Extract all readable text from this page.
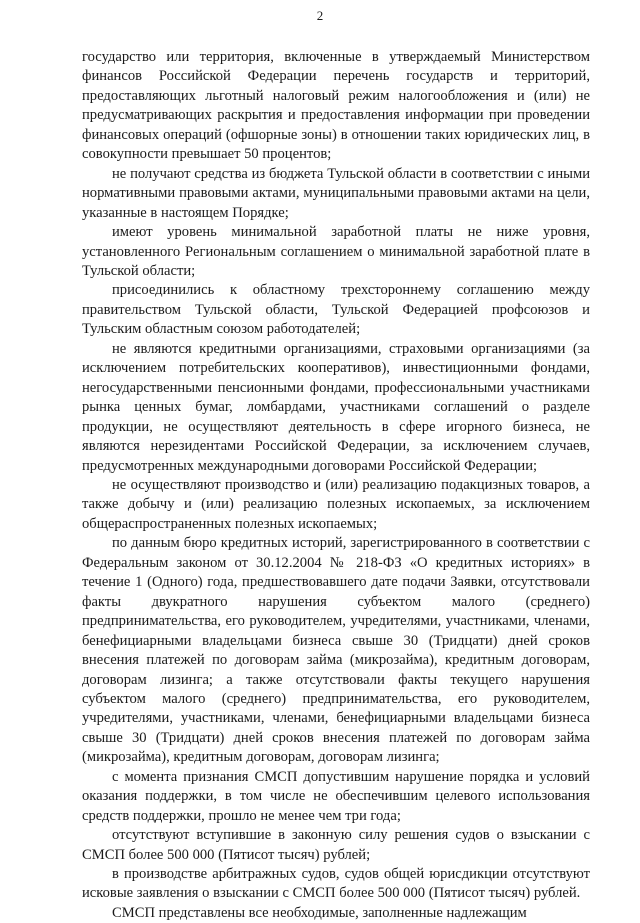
2

государство или территория, включенные в утверждаемый Министерством финансов Российской Федерации перечень государств и территорий, предоставляющих льготный налоговый режим налогообложения и (или) не предусматривающих раскрытия и предоставления информации при проведении финансовых операций (офшорные зоны) в отношении таких юридических лиц, в совокупности превышает 50 процентов;

не получают средства из бюджета Тульской области в соответствии с иными нормативными правовыми актами, муниципальными правовыми актами на цели, указанные в настоящем Порядке;

имеют уровень минимальной заработной платы не ниже уровня, установленного Региональным соглашением о минимальной заработной плате в Тульской области;

присоединились к областному трехстороннему соглашению между правительством Тульской области, Тульской Федерацией профсоюзов и Тульским областным союзом работодателей;

не являются кредитными организациями, страховыми организациями (за исключением потребительских кооперативов), инвестиционными фондами, негосударственными пенсионными фондами, профессиональными участниками рынка ценных бумаг, ломбардами, участниками соглашений о разделе продукции, не осуществляют деятельность в сфере игорного бизнеса, не являются нерезидентами Российской Федерации, за исключением случаев, предусмотренных международными договорами Российской Федерации;

не осуществляют производство и (или) реализацию подакцизных товаров, а также добычу и (или) реализацию полезных ископаемых, за исключением общераспространенных полезных ископаемых;

по данным бюро кредитных историй, зарегистрированного в соответствии с Федеральным законом от 30.12.2004 № 218-ФЗ «О кредитных историях» в течение 1 (Одного) года, предшествовавшего дате подачи Заявки, отсутствовали факты двукратного нарушения субъектом малого (среднего) предпринимательства, его руководителем, учредителями, участниками, членами, бенефициарными владельцами бизнеса свыше 30 (Тридцати) дней сроков внесения платежей по договорам займа (микрозайма), кредитным договорам, договорам лизинга; а также отсутствовали факты текущего нарушения субъектом малого (среднего) предпринимательства, его руководителем, учредителями, участниками, членами, бенефициарными владельцами бизнеса свыше 30 (Тридцати) дней сроков внесения платежей по договорам займа (микрозайма), кредитным договорам, договорам лизинга;

с момента признания СМСП допустившим нарушение порядка и условий оказания поддержки, в том числе не обеспечившим целевого использования средств поддержки, прошло не менее чем три года;

отсутствуют вступившие в законную силу решения судов о взыскании с СМСП более 500 000 (Пятисот тысяч) рублей;

в производстве арбитражных судов, судов общей юрисдикции отсутствуют исковые заявления о взыскании с СМСП более 500 000 (Пятисот тысяч) рублей.

СМСП представлены все необходимые, заполненные надлежащим
